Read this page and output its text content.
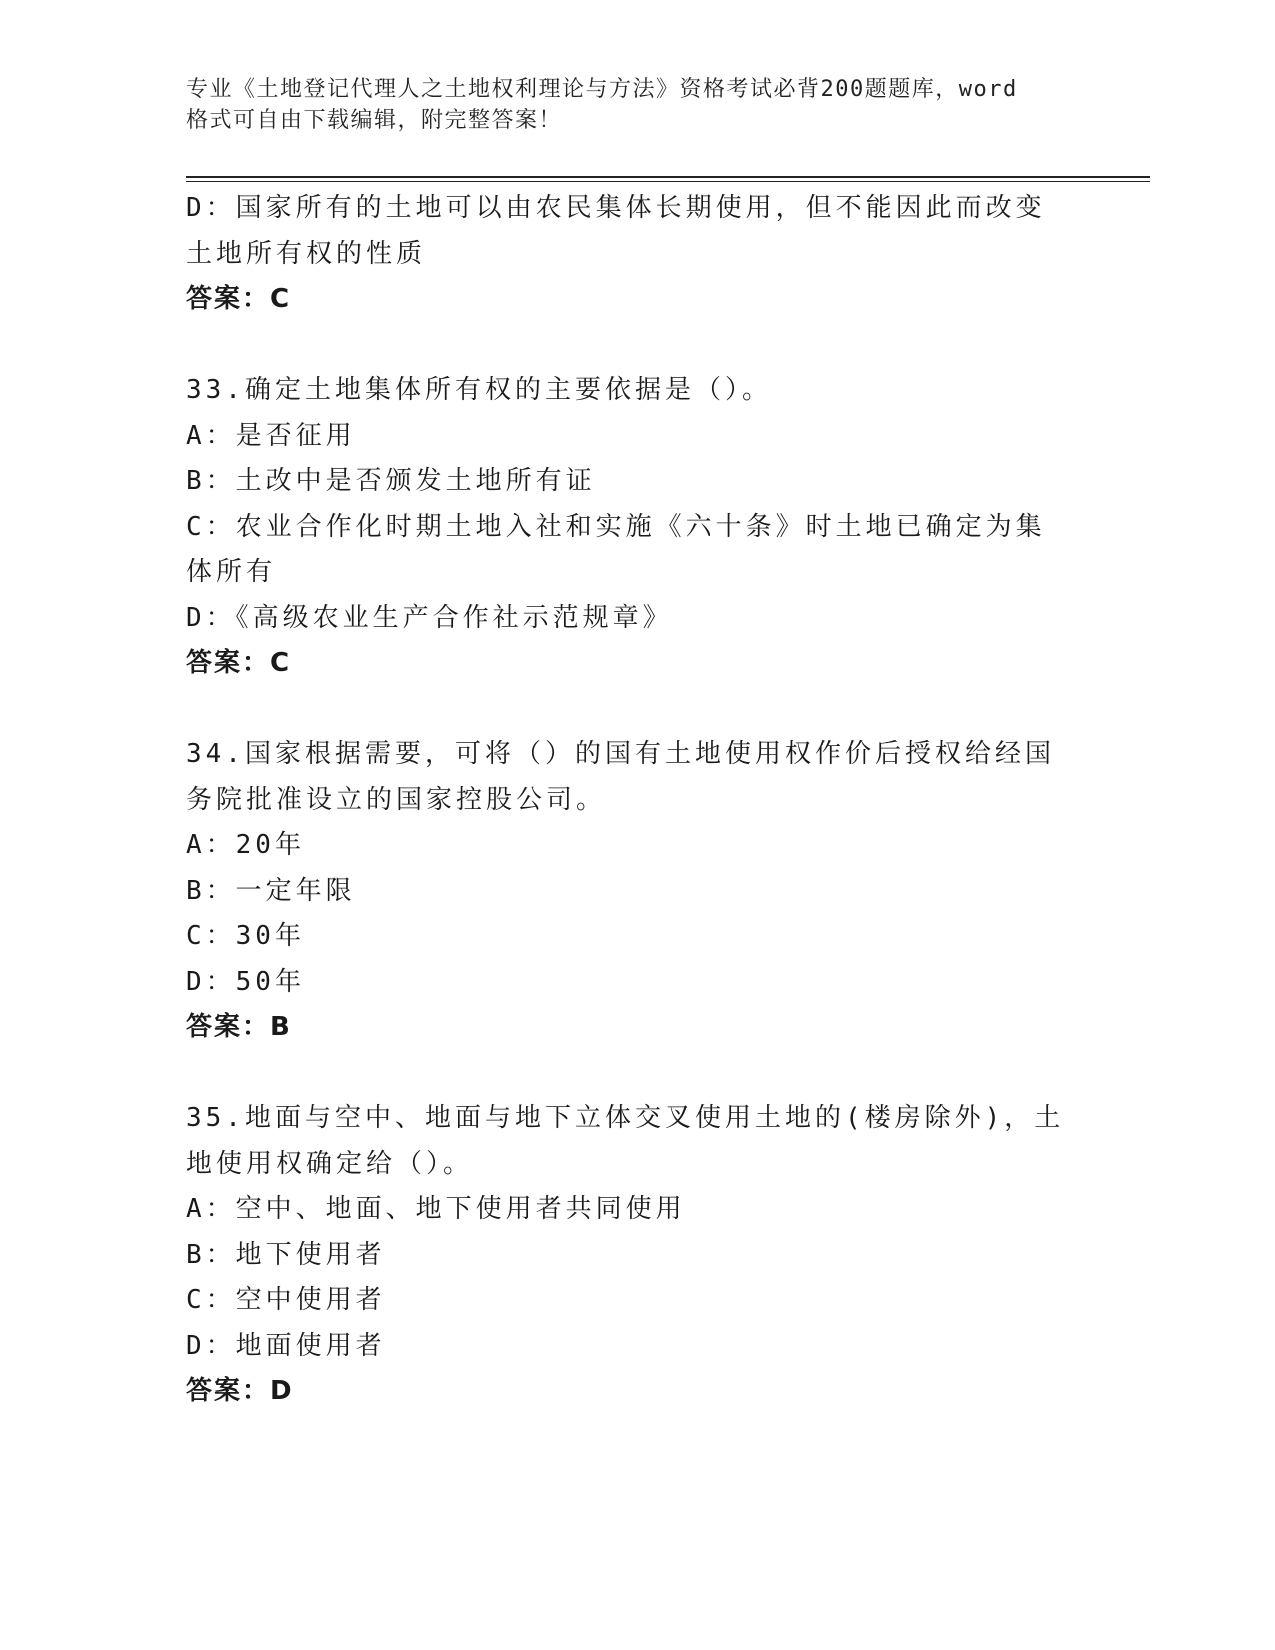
专业《土地登记代理人之土地权利理论与方法》资格考试必背200题题库，word
格式可自由下载编辑，附完整答案！

D：国家所有的土地可以由农民集体长期使用，但不能因此而改变土地所有权的性质

答案：C

33.确定土地集体所有权的主要依据是（）。

A：是否征用

B：土改中是否颁发土地所有证

C：农业合作化时期土地入社和实施《六十条》时土地已确定为集体所有

D：《高级农业生产合作社示范规章》

答案：C

34.国家根据需要，可将（）的国有土地使用权作价后授权给经国务院批准设立的国家控股公司。

A：20年

B：一定年限

C：30年

D：50年

答案：B

35.地面与空中、地面与地下立体交叉使用土地的(楼房除外)，土地使用权确定给（）。

A：空中、地面、地下使用者共同使用

B：地下使用者

C：空中使用者

D：地面使用者

答案：D
